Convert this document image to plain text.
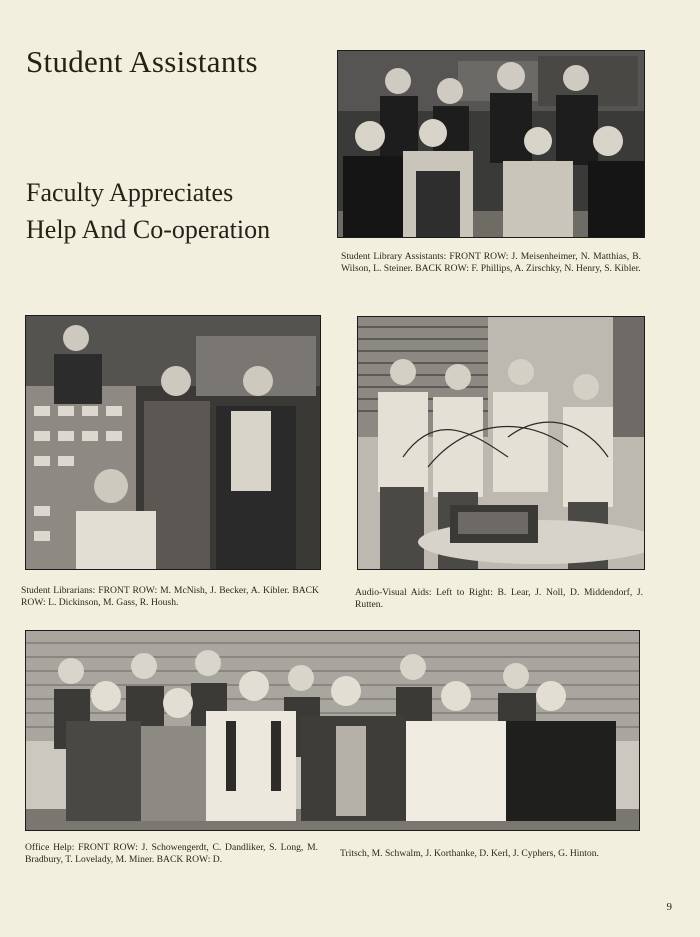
Student Assistants
Faculty Appreciates
Help And Co-operation

Student Library Assistants: FRONT ROW: J. Meisenheimer, N. Matthias, B. Wilson, L. Steiner. BACK ROW: F. Phillips, A. Zirschky, N. Henry, S. Kibler.

Student Librarians: FRONT ROW: M. McNish, J. Becker, A. Kibler. BACK ROW: L. Dickinson, M. Gass, R. Housh.

Audio-Visual Aids: Left to Right: B. Lear, J. Noll, D. Middendorf, J. Rutten.

Office Help: FRONT ROW: J. Schowengerdt, C. Dandliker, S. Long, M. Bradbury, T. Lovelady, M. Miner. BACK ROW: D.

Tritsch, M. Schwalm, J. Korthanke, D. Kerl, J. Cyphers, G. Hinton.

9
